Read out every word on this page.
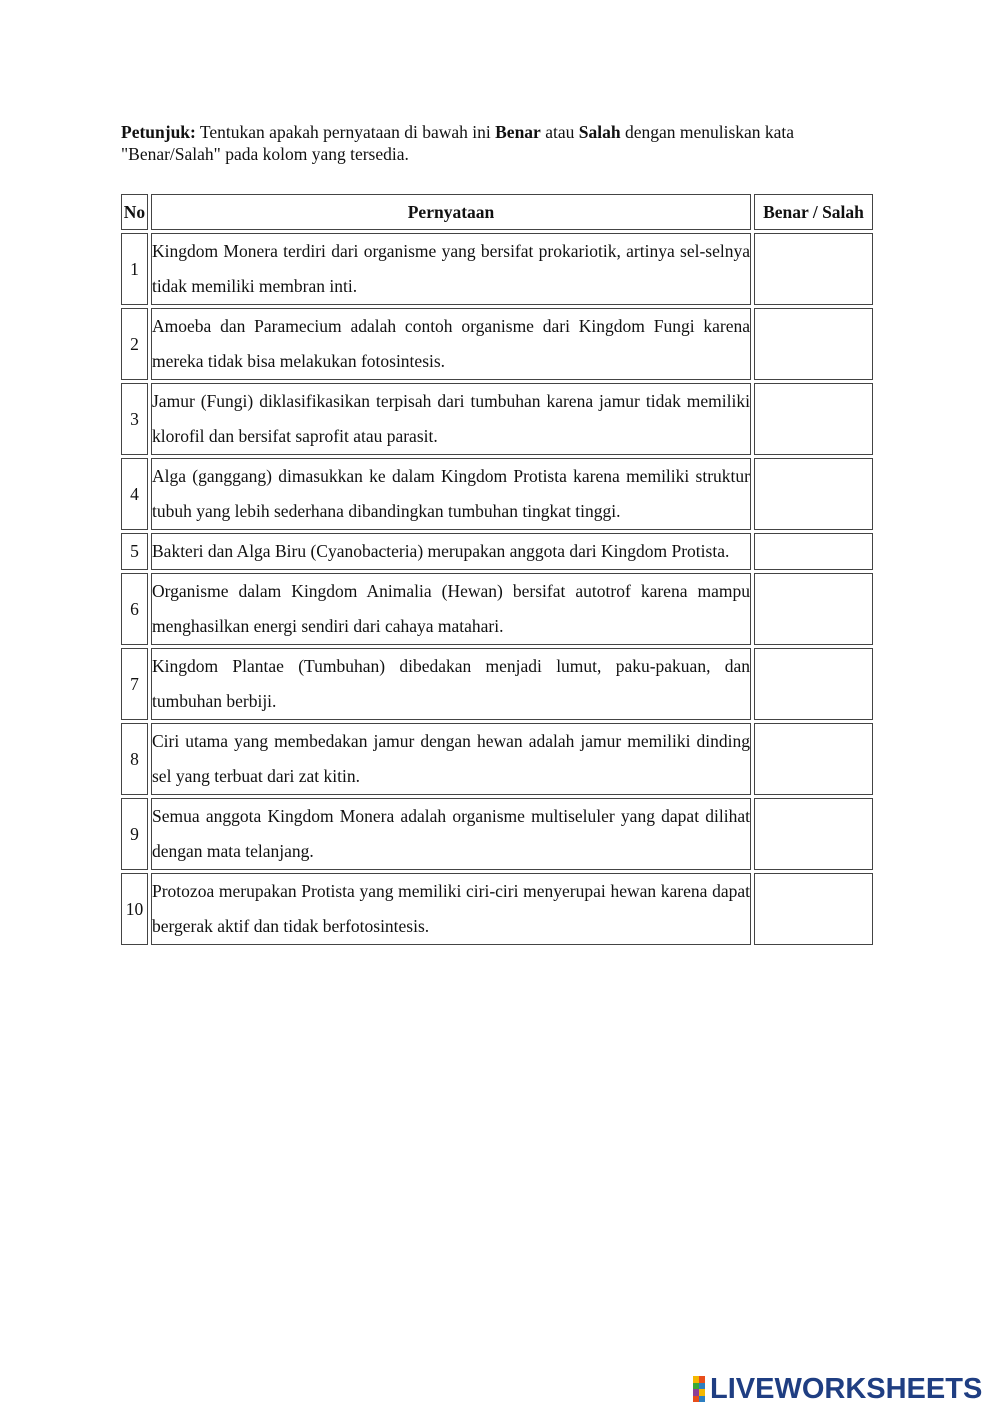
Petunjuk: Tentukan apakah pernyataan di bawah ini Benar atau Salah dengan menuliskan kata "Benar/Salah" pada kolom yang tersedia.
No	Pernyataan	Benar / Salah
1	Kingdom Monera terdiri dari organisme yang bersifat prokariotik, artinya sel-selnya tidak memiliki membran inti.	
2	Amoeba dan Paramecium adalah contoh organisme dari Kingdom Fungi karena mereka tidak bisa melakukan fotosintesis.	
3	Jamur (Fungi) diklasifikasikan terpisah dari tumbuhan karena jamur tidak memiliki klorofil dan bersifat saprofit atau parasit.	
4	Alga (ganggang) dimasukkan ke dalam Kingdom Protista karena memiliki struktur tubuh yang lebih sederhana dibandingkan tumbuhan tingkat tinggi.	
5	Bakteri dan Alga Biru (Cyanobacteria) merupakan anggota dari Kingdom Protista.	
6	Organisme dalam Kingdom Animalia (Hewan) bersifat autotrof karena mampu menghasilkan energi sendiri dari cahaya matahari.	
7	Kingdom Plantae (Tumbuhan) dibedakan menjadi lumut, paku-pakuan, dan tumbuhan berbiji.	
8	Ciri utama yang membedakan jamur dengan hewan adalah jamur memiliki dinding sel yang terbuat dari zat kitin.	
9	Semua anggota Kingdom Monera adalah organisme multiseluler yang dapat dilihat dengan mata telanjang.	
10	Protozoa merupakan Protista yang memiliki ciri-ciri menyerupai hewan karena dapat bergerak aktif dan tidak berfotosintesis.	
LIVEWORKSHEETS
